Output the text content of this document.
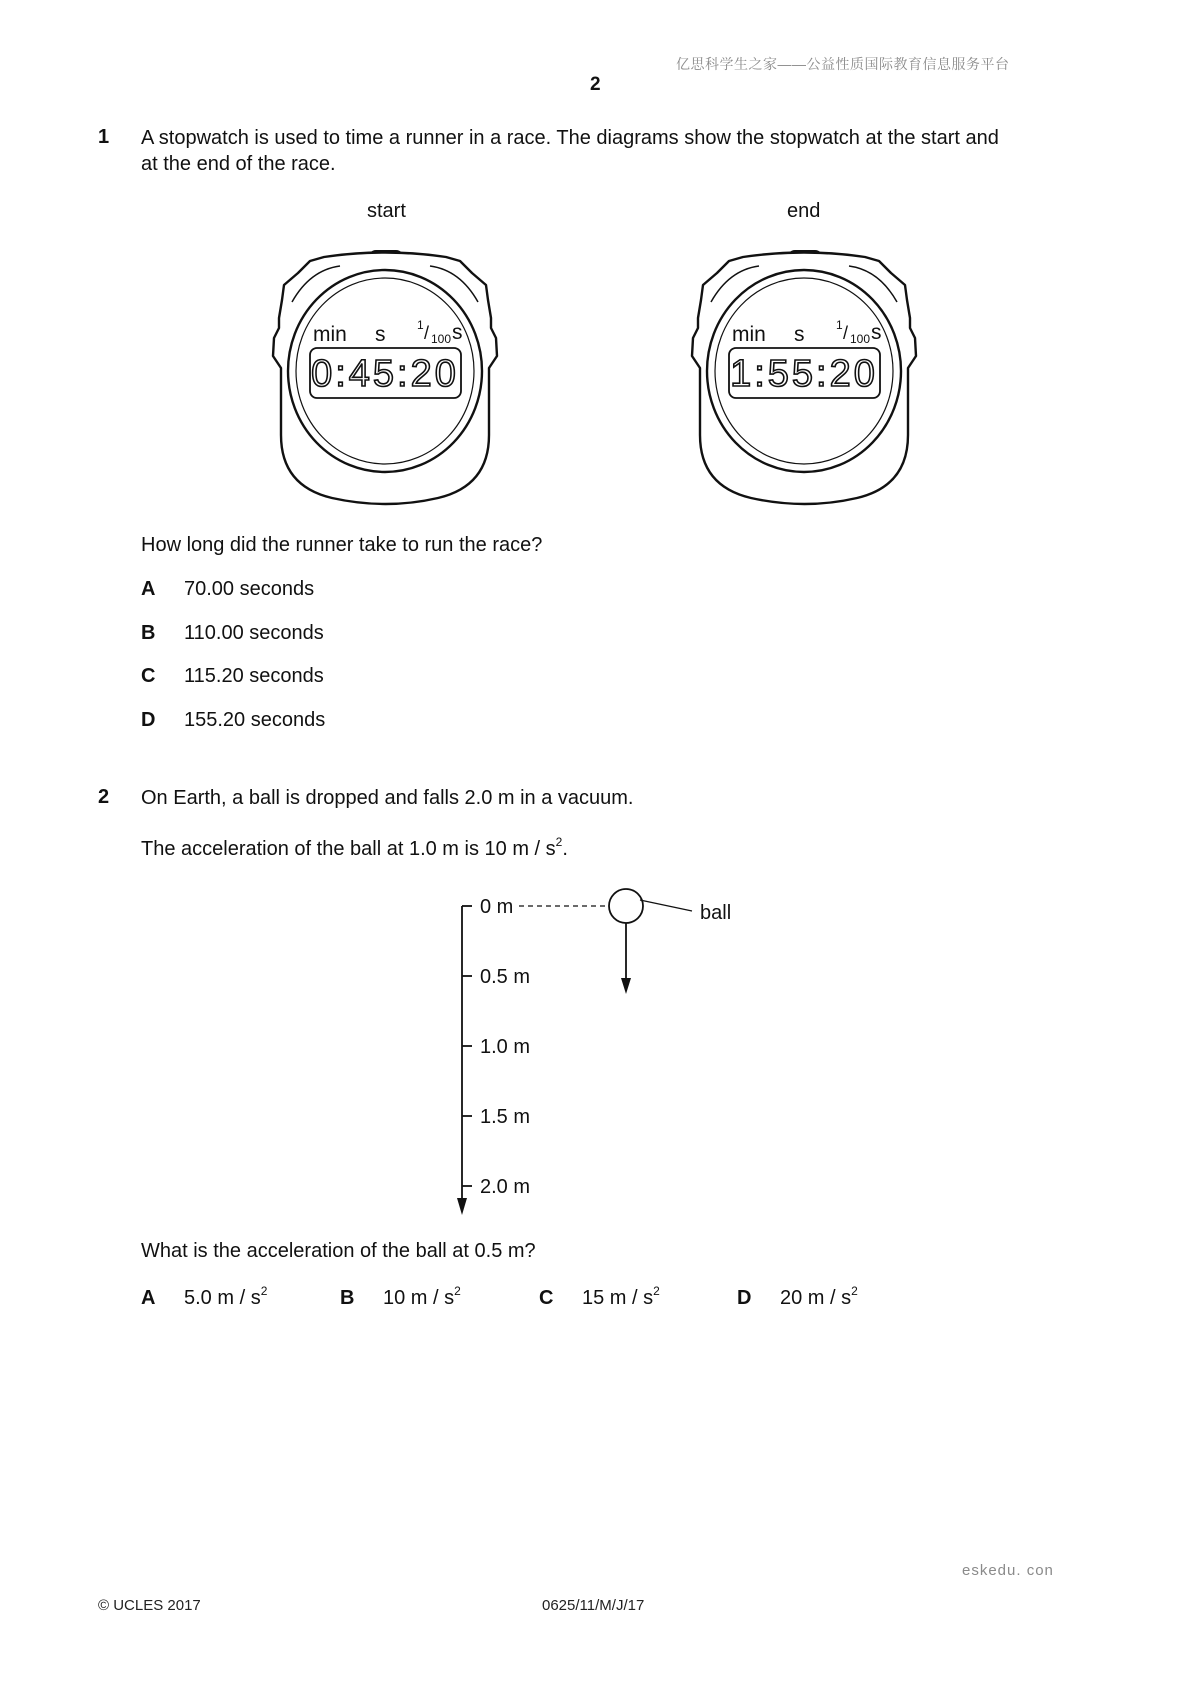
亿思科学生之家——公益性质国际教育信息服务平台
2
1 A stopwatch is used to time a runner in a race. The diagrams show the stopwatch at the start and
at the end of the race.
start	end
min s	1 / 100 s
0:45:20
min s	1 / 100 s
1:55:20
How long did the runner take to run the race?
A 70.00 seconds
B 110.00 seconds
C 115.20 seconds
D 155.20 seconds
2 On Earth, a ball is dropped and falls 2.0 m in a vacuum.
The acceleration of the ball at 1.0 m is 10 m / $s^2$.
0 m
0.5 m
1.0 m
1.5 m
2.0 m
ball
What is the acceleration of the ball at 0.5 m?
A 5.0 m / $s^2$	B 10 m / $s^2$	C 15 m / $s^2$	D 20 m / $s^2$
eskedu. con
© UCLES 2017	0625/11/M/J/17
